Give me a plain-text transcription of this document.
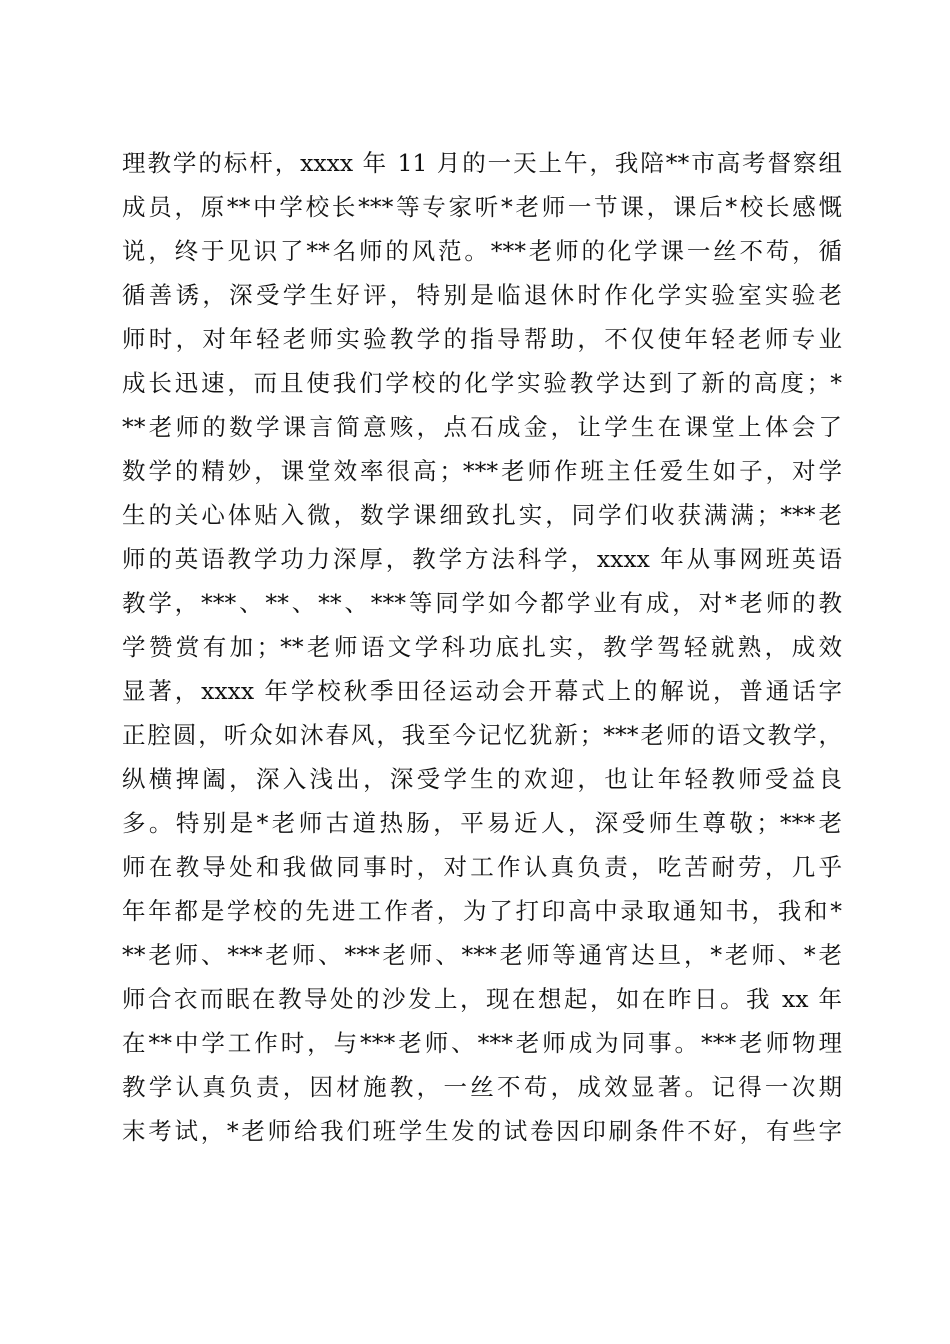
理教学的标杆，xxxx 年 11 月的一天上午，我陪**市高考督察组
成员，原**中学校长***等专家听*老师一节课，课后*校长感慨
说，终于见识了**名师的风范。***老师的化学课一丝不苟，循
循善诱，深受学生好评，特别是临退休时作化学实验室实验老
师时，对年轻老师实验教学的指导帮助，不仅使年轻老师专业
成长迅速，而且使我们学校的化学实验教学达到了新的高度；*
**老师的数学课言简意赅，点石成金，让学生在课堂上体会了
数学的精妙，课堂效率很高；***老师作班主任爱生如子，对学
生的关心体贴入微，数学课细致扎实，同学们收获满满；***老
师的英语教学功力深厚，教学方法科学，xxxx 年从事网班英语
教学，***、**、**、***等同学如今都学业有成，对*老师的教
学赞赏有加；**老师语文学科功底扎实，教学驾轻就熟，成效
显著，xxxx 年学校秋季田径运动会开幕式上的解说，普通话字
正腔圆，听众如沐春风，我至今记忆犹新；***老师的语文教学，
纵横捭阖，深入浅出，深受学生的欢迎，也让年轻教师受益良
多。特别是*老师古道热肠，平易近人，深受师生尊敬；***老
师在教导处和我做同事时，对工作认真负责，吃苦耐劳，几乎
年年都是学校的先进工作者，为了打印高中录取通知书，我和*
**老师、***老师、***老师、***老师等通宵达旦，*老师、*老
师合衣而眠在教导处的沙发上，现在想起，如在昨日。我 xx 年
在**中学工作时，与***老师、***老师成为同事。***老师物理
教学认真负责，因材施教，一丝不苟，成效显著。记得一次期
末考试，*老师给我们班学生发的试卷因印刷条件不好，有些字
